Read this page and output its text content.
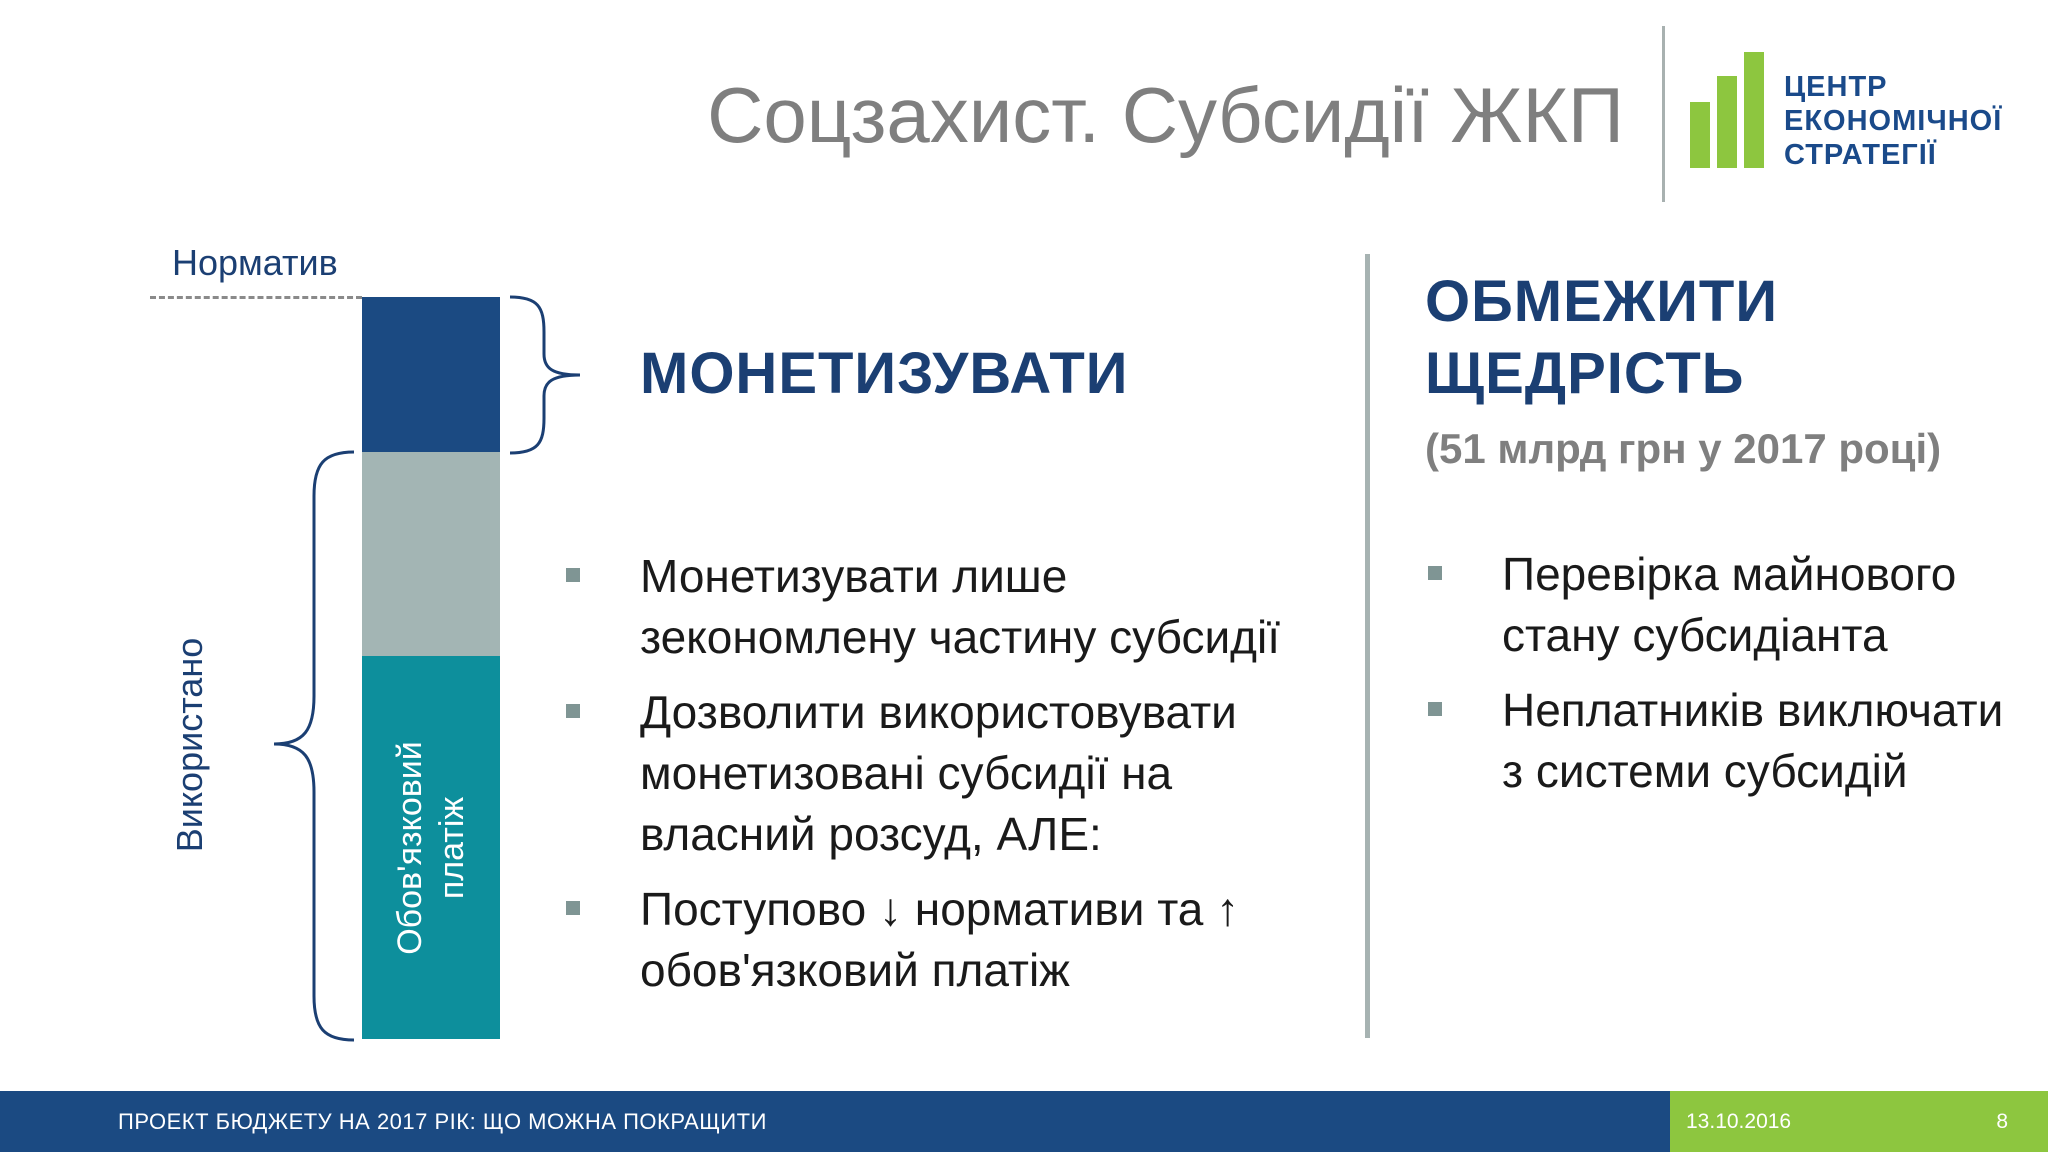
Соцзахист. Субсидії ЖКП	ЦЕНТР
ЕКОНОМІЧНОЇ
СТРАТЕГІЇ
Норматив
Обов'язковий платіж
Використано
МОНЕТИЗУВАТИ
Монетизувати лише зекономлену частину субсидії
Дозволити використовувати монетизовані субсидії на власний розсуд, АЛЕ:
Поступово ↓ нормативи та ↑ обов'язковий платіж
ОБМЕЖИТИ
ЩЕДРІСТЬ
(51 млрд грн у 2017 році)
Перевірка майнового стану субсидіанта
Неплатників виключати з системи субсидій
ПРОЕКТ БЮДЖЕТУ НА 2017 РІК: ЩО МОЖНА ПОКРАЩИТИ	13.10.2016	8
